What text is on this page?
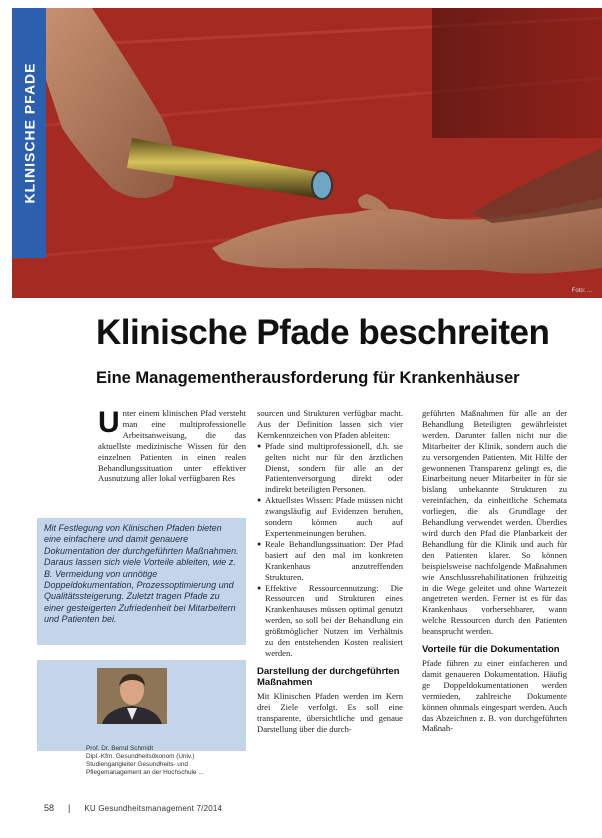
Foto: ...
KLINISCHE PFADE
Klinische Pfade beschreiten
Eine Managementherausforderung für Krankenhäuser

Unter einem klinischen Pfad versteht man eine multiprofessionelle Arbeitsanweisung, die das aktuellste medizinische Wissen für den einzelnen Patienten in einen realen Behandlungssituation unter effektiver Ausnutzung aller lokal verfügbaren Res

sourcen und Strukturen verfügbar macht. Aus der Definition lassen sich vier Kernkennzeichen von Pfaden ableiten:

● Pfade sind multiprofessionell, d.h. sie gelten nicht nur für den ärztlichen Dienst, sondern für alle an der Patientenversorgung direkt oder indirekt beteiligten Personen.
● Aktuellstes Wissen: Pfade müssen nicht zwangsläufig auf Evidenzen beruhen, sondern können auch auf Expertenmeinungen beruhen.
● Reale Behandlungssituation: Der Pfad basiert auf den mal im konkreten Krankenhaus anzutreffenden Strukturen.
● Effektive Ressourcennutzung: Die Ressourcen und Strukturen eines Krankenhauses müssen optimal genutzt werden, so soll bei der Behandlung ein größtmöglicher Nutzen im Verhältnis zu den entstehenden Kosten realisiert werden.
Darstellung der durchgeführten Maßnahmen

Mit Klinischen Pfaden werden im Kern drei Ziele verfolgt. Es soll eine transparente, übersichtliche und genaue Darstellung über die durch-

geführten Maßnahmen für alle an der Behandlung Beteiligten gewährleistet werden. Darunter fallen nicht nur die Mitarbeiter der Klinik, sondern auch die zu versorgenden Patienten. Mit Hilfe der gewonnenen Transparenz gelingt es, die Einarbeitung neuer Mitarbeiter in für sie bislang unbekannte Strukturen zu vereinfachen, da einheitliche Schemata vorliegen, die als Grundlage der Behandlung verwendet werden. Überdies wird durch den Pfad die Planbarkeit der Behandlung für die Klinik und auch für den Patienten klarer. So können beispielsweise nachfolgende Maßnahmen wie Anschlussrehabilitationen frühzeitig in die Wege geleitet und ohne Wartezeit angetreten werden. Ferner ist es für das Krankenhaus vorhersehbarer, wann welche Ressourcen durch den Patienten beansprucht werden.

Vorteile für die Dokumentation

Pfade führen zu einer einfacheren und damit genaueren Dokumentation. Häufig ge Doppeldokumentationen werden vermieden, zahlreiche Dokumente können ohnmals eingespart werden. Auch das Abzeichnen z. B. von durchgeführten Maßnah-

Mit Festlegung von Klinischen Pfaden bieten eine einfachere und damit genauere Dokumentation der durchgeführten Maßnahmen. Daraus lassen sich viele Vorteile ableiten, wie z. B. Vermeidung von unnötige Doppeldokumentation, Prozessoptimierung und Qualitätssteigerung. Zuletzt tragen Pfade zu einer gesteigerten Zufriedenheit bei Mitarbeitern und Patienten bei.

Prof. Dr. Bernd Schmidt
Dipl.-Kfm. Gesundheitsökonom (Univ.)
Studiengangleiter Gesundheits- und
Pflegemanagement an der Hochschule ...
58 | KU Gesundheitsmanagement 7/2014
